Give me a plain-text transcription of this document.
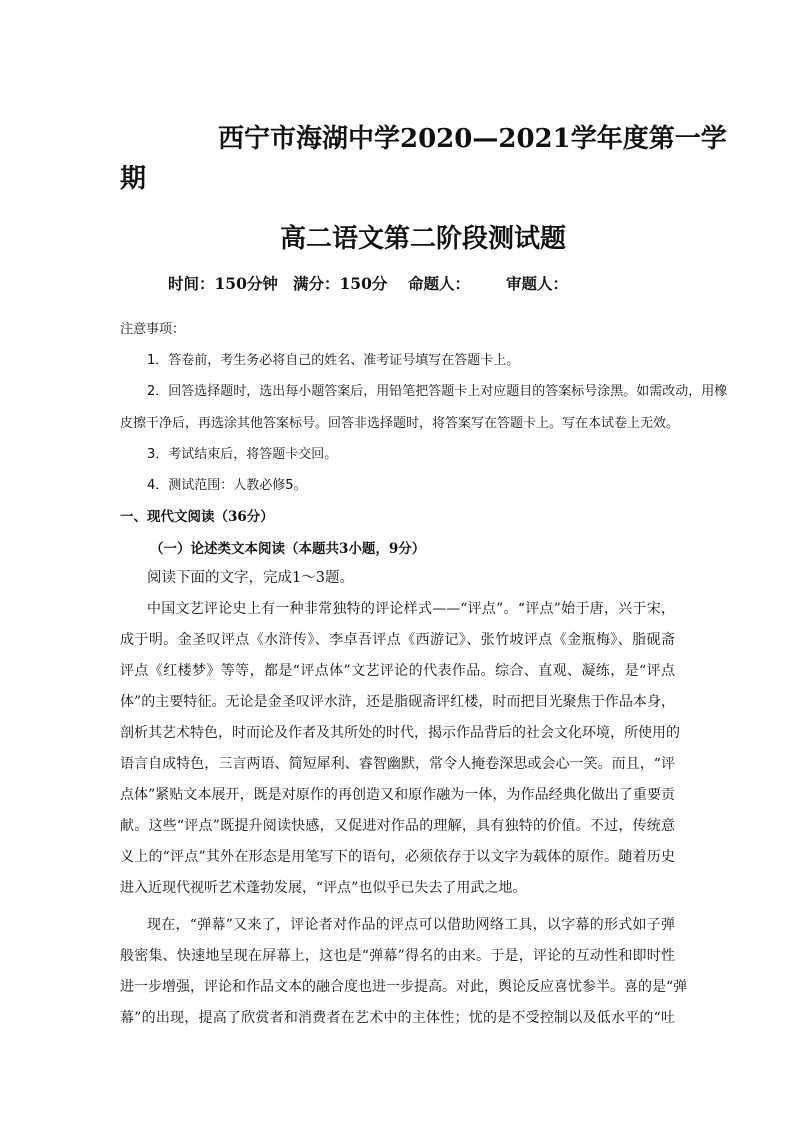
西宁市海湖中学2020—2021学年度第一学
期
高二语文第二阶段测试题
时间：150分钟 满分：150分 命题人： 审题人：
注意事项：
1．答卷前，考生务必将自己的姓名、准考证号填写在答题卡上。
2．回答选择题时，选出每小题答案后，用铅笔把答题卡上对应题目的答案标号涂黑。如需改动，用橡
皮擦干净后，再选涂其他答案标号。回答非选择题时，将答案写在答题卡上。写在本试卷上无效。
3．考试结束后，将答题卡交回。
4．测试范围：人教必修5。
一、现代文阅读（36分）
（一）论述类文本阅读（本题共3小题，9分）
阅读下面的文字，完成1～3题。
中国文艺评论史上有一种非常独特的评论样式——“评点”。“评点”始于唐，兴于宋，
成于明。金圣叹评点《水浒传》、李卓吾评点《西游记》、张竹坡评点《金瓶梅》、脂砚斋
评点《红楼梦》等等，都是“评点体”文艺评论的代表作品。综合、直观、凝练，是“评点
体”的主要特征。无论是金圣叹评水浒，还是脂砚斋评红楼，时而把目光聚焦于作品本身，
剖析其艺术特色，时而论及作者及其所处的时代，揭示作品背后的社会文化环境，所使用的
语言自成特色，三言两语、简短犀利、睿智幽默，常令人掩卷深思或会心一笑。而且，“评
点体”紧贴文本展开，既是对原作的再创造又和原作融为一体，为作品经典化做出了重要贡
献。这些“评点”既提升阅读快感，又促进对作品的理解，具有独特的价值。不过，传统意
义上的“评点”其外在形态是用笔写下的语句，必须依存于以文字为载体的原作。随着历史
进入近现代视听艺术蓬勃发展，“评点”也似乎已失去了用武之地。
现在，“弹幕”又来了，评论者对作品的评点可以借助网络工具，以字幕的形式如子弹
般密集、快速地呈现在屏幕上，这也是“弹幕”得名的由来。于是，评论的互动性和即时性
进一步增强，评论和作品文本的融合度也进一步提高。对此，舆论反应喜忧参半。喜的是“弹
幕”的出现，提高了欣赏者和消费者在艺术中的主体性；忧的是不受控制以及低水平的“吐
